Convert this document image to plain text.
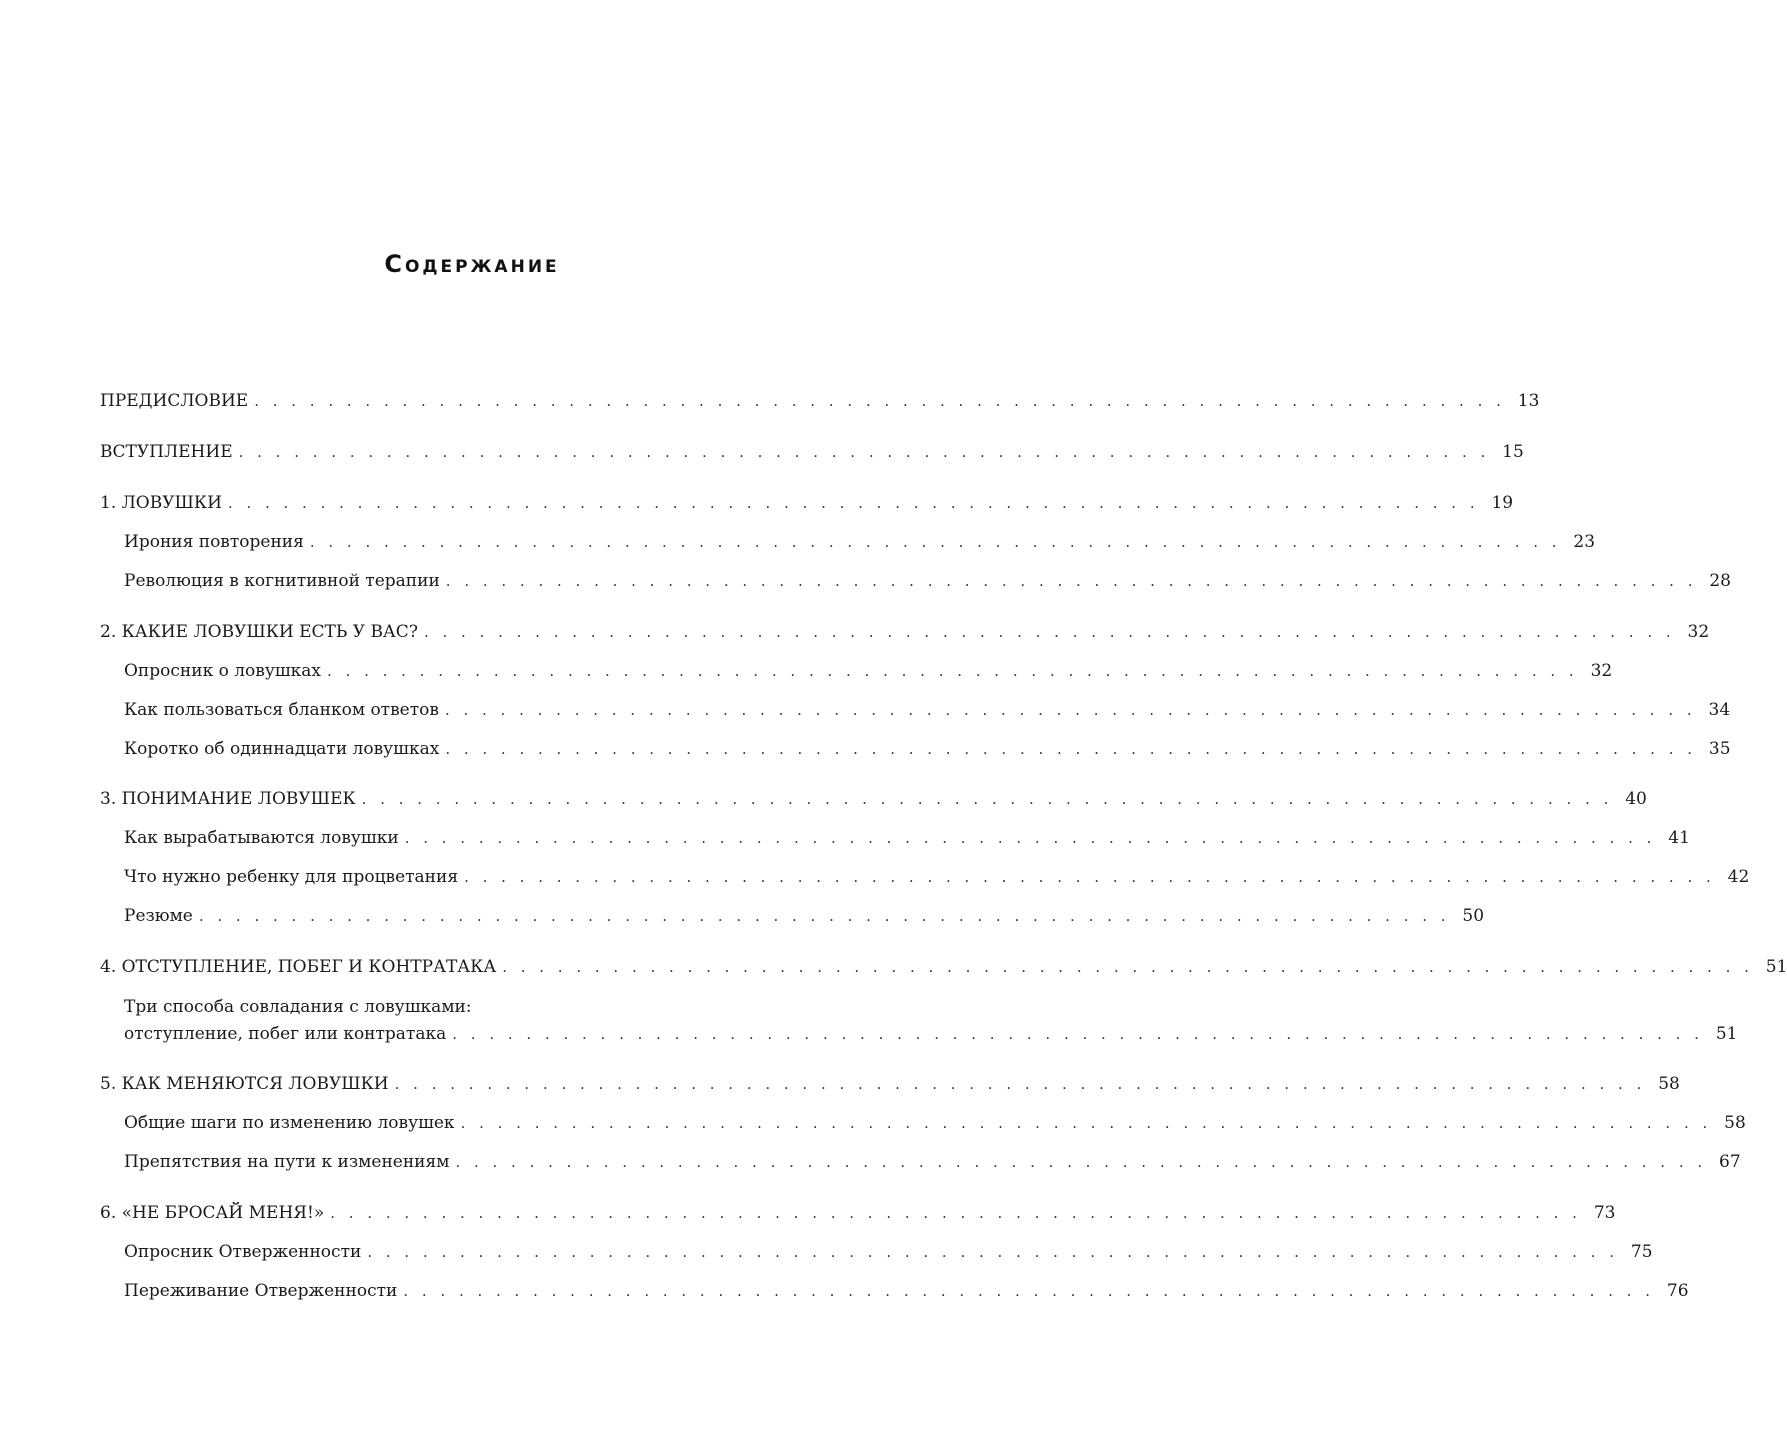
Содержание
ПРЕДИСЛОВИЕ . . . . . . . . . . . . . . . . . . . . . . . . . . . . . . . . . . . . . . . . . . . . . . . . . . . . . . . . . . . . . . . . . . . . 13
ВСТУПЛЕНИЕ . . . . . . . . . . . . . . . . . . . . . . . . . . . . . . . . . . . . . . . . . . . . . . . . . . . . . . . . . . . . . . . . . . . . 15
1. ЛОВУШКИ . . . . . . . . . . . . . . . . . . . . . . . . . . . . . . . . . . . . . . . . . . . . . . . . . . . . . . . . . . . . . . . . . . . . 19
Ирония повторения . . . . . . . . . . . . . . . . . . . . . . . . . . . . . . . . . . . . . . . . . . . . . . . . . . . . . . . . . . . . . . . . . . . . 23
Революция в когнитивной терапии . . . . . . . . . . . . . . . . . . . . . . . . . . . . . . . . . . . . . . . . . . . . . . . . . . . . . . . . . . . . . . . . . . . . 28
2. КАКИЕ ЛОВУШКИ ЕСТЬ У ВАС? . . . . . . . . . . . . . . . . . . . . . . . . . . . . . . . . . . . . . . . . . . . . . . . . . . . . . . . . . . . . . . . . . . . . 32
Опросник о ловушках . . . . . . . . . . . . . . . . . . . . . . . . . . . . . . . . . . . . . . . . . . . . . . . . . . . . . . . . . . . . . . . . . . . . 32
Как пользоваться бланком ответов . . . . . . . . . . . . . . . . . . . . . . . . . . . . . . . . . . . . . . . . . . . . . . . . . . . . . . . . . . . . . . . . . . . . 34
Коротко об одиннадцати ловушках . . . . . . . . . . . . . . . . . . . . . . . . . . . . . . . . . . . . . . . . . . . . . . . . . . . . . . . . . . . . . . . . . . . . 35
3. ПОНИМАНИЕ ЛОВУШЕК . . . . . . . . . . . . . . . . . . . . . . . . . . . . . . . . . . . . . . . . . . . . . . . . . . . . . . . . . . . . . . . . . . . . 40
Как вырабатываются ловушки . . . . . . . . . . . . . . . . . . . . . . . . . . . . . . . . . . . . . . . . . . . . . . . . . . . . . . . . . . . . . . . . . . . . 41
Что нужно ребенку для процветания . . . . . . . . . . . . . . . . . . . . . . . . . . . . . . . . . . . . . . . . . . . . . . . . . . . . . . . . . . . . . . . . . . . . 42
Резюме . . . . . . . . . . . . . . . . . . . . . . . . . . . . . . . . . . . . . . . . . . . . . . . . . . . . . . . . . . . . . . . . . . . . 50
4. ОТСТУПЛЕНИЕ, ПОБЕГ И КОНТРАТАКА . . . . . . . . . . . . . . . . . . . . . . . . . . . . . . . . . . . . . . . . . . . . . . . . . . . . . . . . . . . . . . . . . . . . 51
Три способа совладания с ловушками:
отступление, побег или контратака . . . . . . . . . . . . . . . . . . . . . . . . . . . . . . . . . . . . . . . . . . . . . . . . . . . . . . . . . . . . . . . . . . . . 51
5. КАК МЕНЯЮТСЯ ЛОВУШКИ . . . . . . . . . . . . . . . . . . . . . . . . . . . . . . . . . . . . . . . . . . . . . . . . . . . . . . . . . . . . . . . . . . . . 58
Общие шаги по изменению ловушек . . . . . . . . . . . . . . . . . . . . . . . . . . . . . . . . . . . . . . . . . . . . . . . . . . . . . . . . . . . . . . . . . . . . 58
Препятствия на пути к изменениям . . . . . . . . . . . . . . . . . . . . . . . . . . . . . . . . . . . . . . . . . . . . . . . . . . . . . . . . . . . . . . . . . . . . 67
6. «НЕ БРОСАЙ МЕНЯ!» . . . . . . . . . . . . . . . . . . . . . . . . . . . . . . . . . . . . . . . . . . . . . . . . . . . . . . . . . . . . . . . . . . . . 73
Опросник Отверженности . . . . . . . . . . . . . . . . . . . . . . . . . . . . . . . . . . . . . . . . . . . . . . . . . . . . . . . . . . . . . . . . . . . . 75
Переживание Отверженности . . . . . . . . . . . . . . . . . . . . . . . . . . . . . . . . . . . . . . . . . . . . . . . . . . . . . . . . . . . . . . . . . . . . 76
